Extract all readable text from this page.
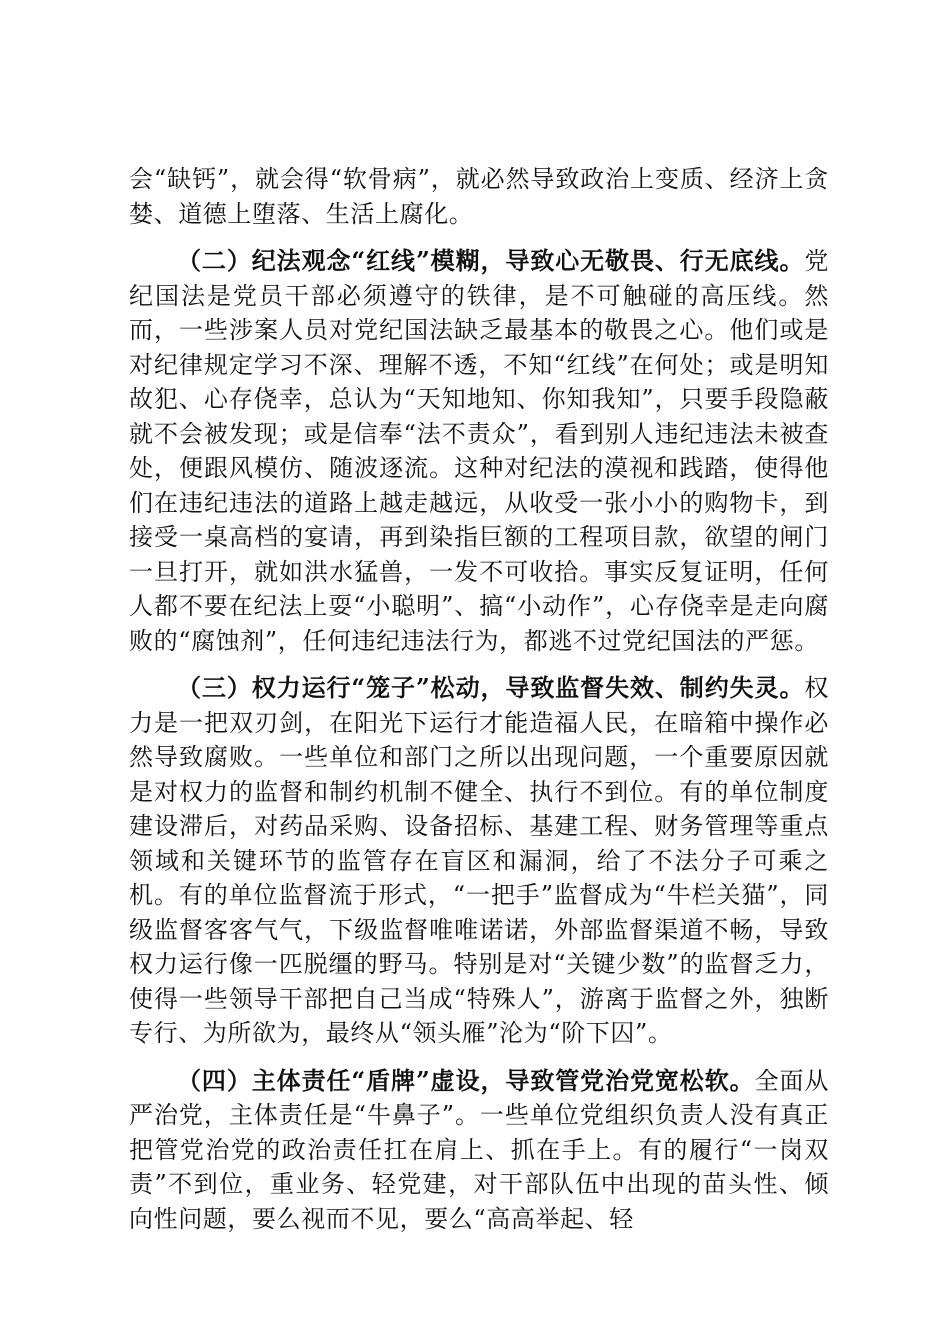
会“缺钙”，就会得“软骨病”，就必然导致政治上变质、经济上贪婪、道德上堕落、生活上腐化。

（二）纪法观念“红线”模糊，导致心无敬畏、行无底线。党纪国法是党员干部必须遵守的铁律，是不可触碰的高压线。然而，一些涉案人员对党纪国法缺乏最基本的敬畏之心。他们或是对纪律规定学习不深、理解不透，不知“红线”在何处；或是明知故犯、心存侥幸，总认为“天知地知、你知我知”，只要手段隐蔽就不会被发现；或是信奉“法不责众”，看到别人违纪违法未被查处，便跟风模仿、随波逐流。这种对纪法的漠视和践踏，使得他们在违纪违法的道路上越走越远，从收受一张小小的购物卡，到接受一桌高档的宴请，再到染指巨额的工程项目款，欲望的闸门一旦打开，就如洪水猛兽，一发不可收拾。事实反复证明，任何人都不要在纪法上耍“小聪明”、搞“小动作”，心存侥幸是走向腐败的“腐蚀剂”，任何违纪违法行为，都逃不过党纪国法的严惩。

（三）权力运行“笼子”松动，导致监督失效、制约失灵。权力是一把双刃剑，在阳光下运行才能造福人民，在暗箱中操作必然导致腐败。一些单位和部门之所以出现问题，一个重要原因就是对权力的监督和制约机制不健全、执行不到位。有的单位制度建设滞后，对药品采购、设备招标、基建工程、财务管理等重点领域和关键环节的监管存在盲区和漏洞，给了不法分子可乘之机。有的单位监督流于形式，“一把手”监督成为“牛栏关猫”，同级监督客客气气，下级监督唯唯诺诺，外部监督渠道不畅，导致权力运行像一匹脱缰的野马。特别是对“关键少数”的监督乏力，使得一些领导干部把自己当成“特殊人”，游离于监督之外，独断专行、为所欲为，最终从“领头雁”沦为“阶下囚”。

（四）主体责任“盾牌”虚设，导致管党治党宽松软。全面从严治党，主体责任是“牛鼻子”。一些单位党组织负责人没有真正把管党治党的政治责任扛在肩上、抓在手上。有的履行“一岗双责”不到位，重业务、轻党建，对干部队伍中出现的苗头性、倾向性问题，要么视而不见，要么“高高举起、轻
